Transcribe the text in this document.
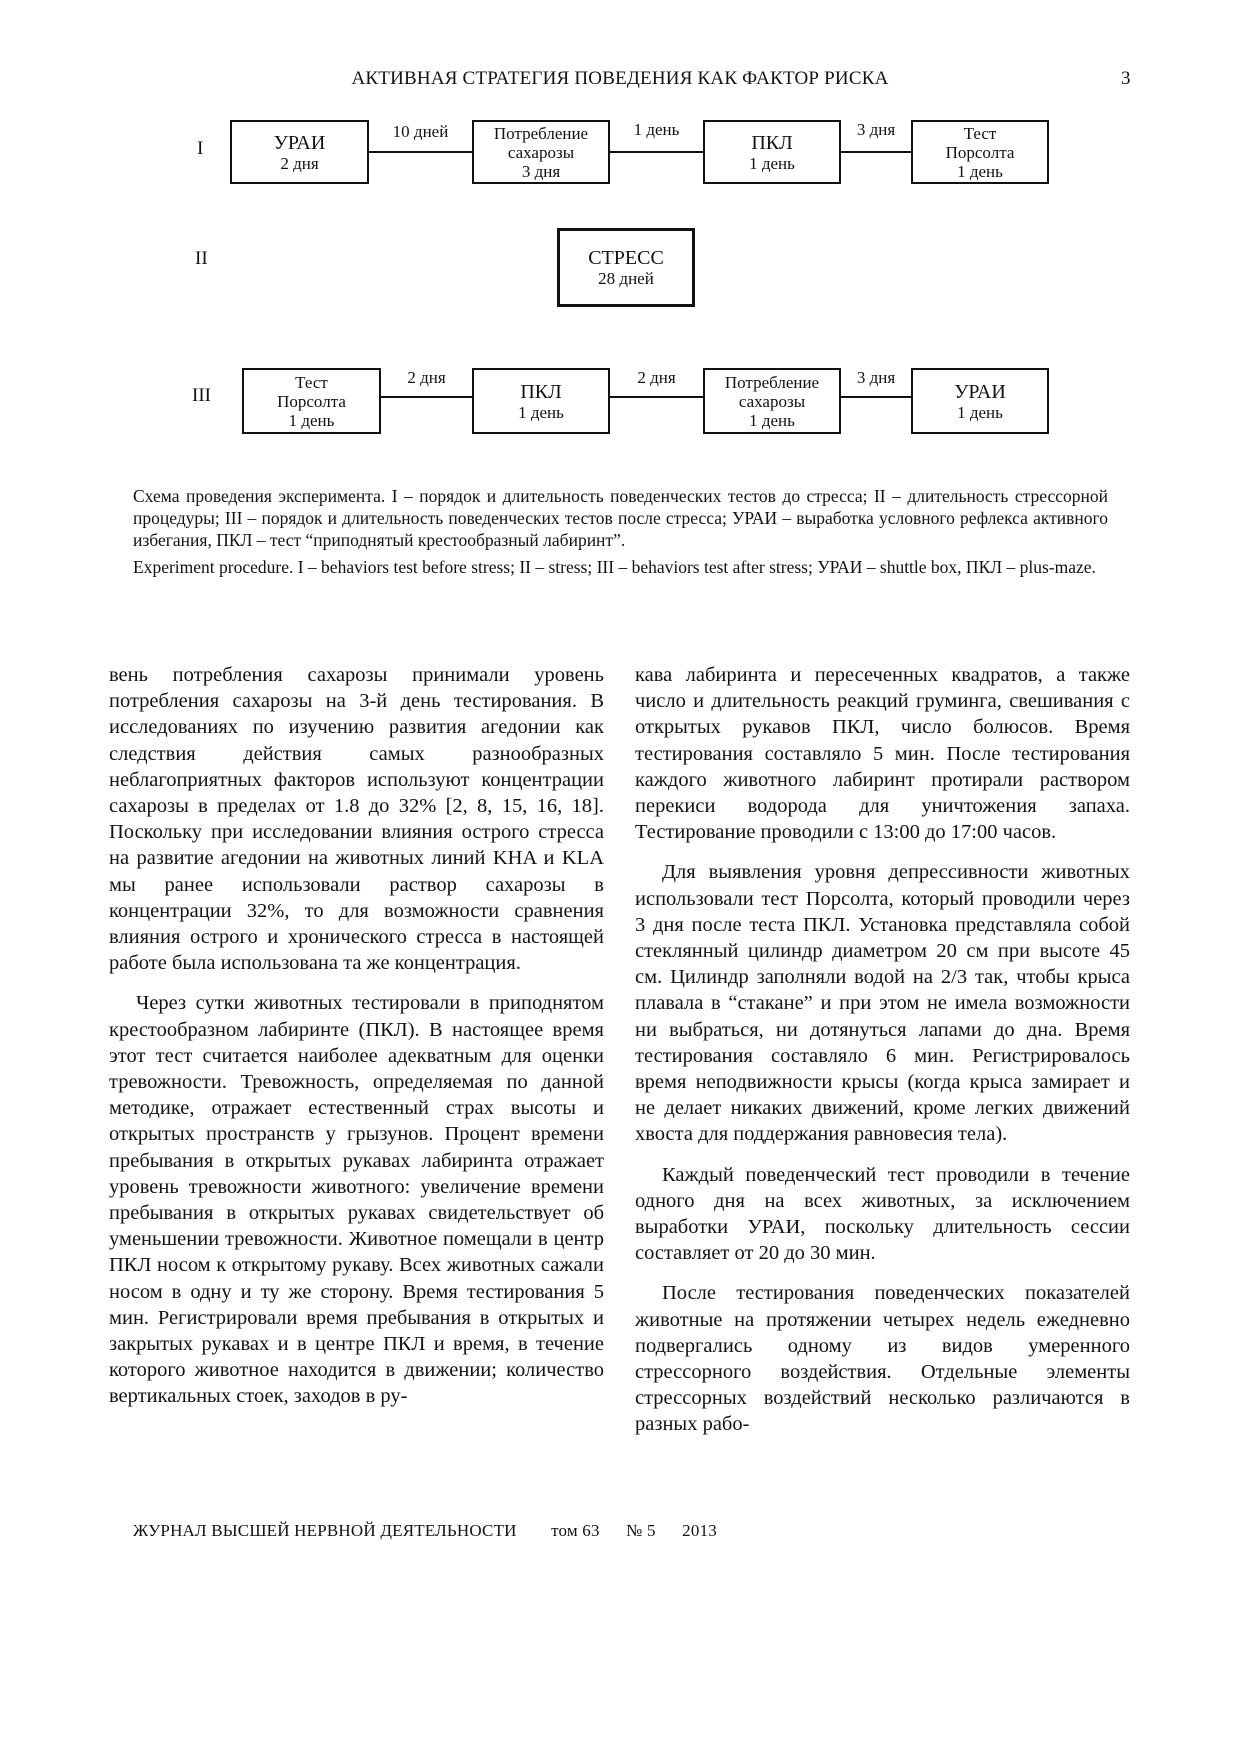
АКТИВНАЯ СТРАТЕГИЯ ПОВЕДЕНИЯ КАК ФАКТОР РИСКА	3
I	УРАИ
2 дня
10 дней	Потребление
сахарозы
3 дня
1 день
ПКЛ
1 день
3 дня	Тест
Порсолта
1 день
II	СТРЕСС
28 дней
III
Тест
Порсолта
1 день
2 дня
ПКЛ
1 день
2 дня	Потребление
сахарозы
1 день
3 дня
УРАИ
1 день

Схема проведения эксперимента. I – порядок и длительность поведенческих тестов до стресса; II – длительность стрессорной процедуры; III – порядок и длительность поведенческих тестов после стресса; УРАИ – выработка условного рефлекса активного избегания, ПКЛ – тест “приподнятый крестообразный лабиринт”.

Experiment procedure. I – behaviors test before stress; II – stress; III – behaviors test after stress; УРАИ – shuttle box, ПКЛ – plus-maze.

вень потребления сахарозы принимали уровень потребления сахарозы на 3-й день тестирования. В исследованиях по изучению развития агедонии как следствия действия самых разнообразных неблагоприятных факторов используют концентрации сахарозы в пределах от 1.8 до 32% [2, 8, 15, 16, 18]. Поскольку при исследовании влияния острого стресса на развитие агедонии на животных линий KHA и KLA мы ранее использовали раствор сахарозы в концентрации 32%, то для возможности сравнения влияния острого и хронического стресса в настоящей работе была использована та же концентрация.

Через сутки животных тестировали в приподнятом крестообразном лабиринте (ПКЛ). В настоящее время этот тест считается наиболее адекватным для оценки тревожности. Тревожность, определяемая по данной методике, отражает естественный страх высоты и открытых пространств у грызунов. Процент времени пребывания в открытых рукавах лабиринта отражает уровень тревожности животного: увеличение времени пребывания в открытых рукавах свидетельствует об уменьшении тревожности. Животное помещали в центр ПКЛ носом к открытому рукаву. Всех животных сажали носом в одну и ту же сторону. Время тестирования 5 мин. Регистрировали время пребывания в открытых и закрытых рукавах и в центре ПКЛ и время, в течение которого животное находится в движении; количество вертикальных стоек, заходов в ру-

кава лабиринта и пересеченных квадратов, а также число и длительность реакций груминга, свешивания с открытых рукавов ПКЛ, число болюсов. Время тестирования составляло 5 мин. После тестирования каждого животного лабиринт протирали раствором перекиси водорода для уничтожения запаха. Тестирование проводили с 13:00 до 17:00 часов.

Для выявления уровня депрессивности животных использовали тест Порсолта, который проводили через 3 дня после теста ПКЛ. Установка представляла собой стеклянный цилиндр диаметром 20 см при высоте 45 см. Цилиндр заполняли водой на 2/3 так, чтобы крыса плавала в “стакане” и при этом не имела возможности ни выбраться, ни дотянуться лапами до дна. Время тестирования составляло 6 мин. Регистрировалось время неподвижности крысы (когда крыса замирает и не делает никаких движений, кроме легких движений хвоста для поддержания равновесия тела).

Каждый поведенческий тест проводили в течение одного дня на всех животных, за исключением выработки УРАИ, поскольку длительность сессии составляет от 20 до 30 мин.

После тестирования поведенческих показателей животные на протяжении четырех недель ежедневно подвергались одному из видов умеренного стрессорного воздействия. Отдельные элементы стрессорных воздействий несколько различаются в разных рабо-

ЖУРНАЛ ВЫСШЕЙ НЕРВНОЙ ДЕЯТЕЛЬНОСТИ том 63 № 5 2013
